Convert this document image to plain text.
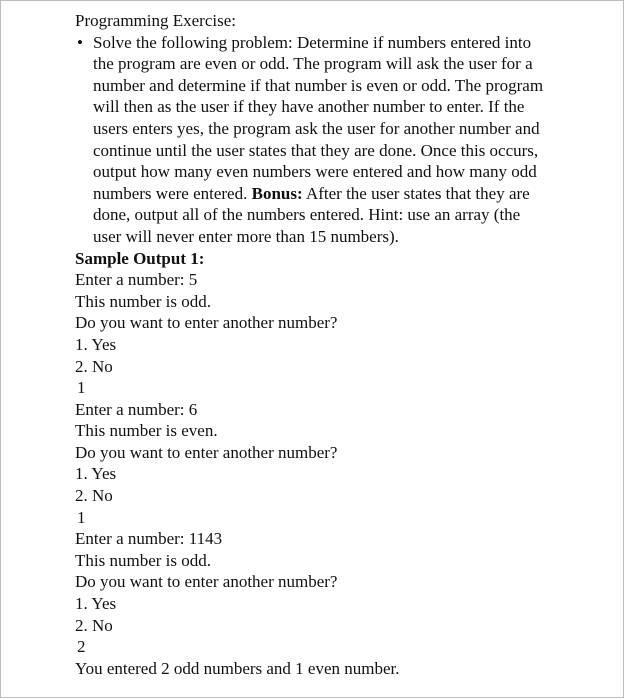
Programming Exercise:
• Solve the following problem: Determine if numbers entered into
the program are even or odd. The program will ask the user for a
number and determine if that number is even or odd. The program
will then as the user if they have another number to enter. If the
users enters yes, the program ask the user for another number and
continue until the user states that they are done. Once this occurs,
output how many even numbers were entered and how many odd
numbers were entered. Bonus: After the user states that they are
done, output all of the numbers entered. Hint: use an array (the
user will never enter more than 15 numbers).
Sample Output 1:
Enter a number: 5
This number is odd.
Do you want to enter another number?
1. Yes
2. No
1
Enter a number: 6
This number is even.
Do you want to enter another number?
1. Yes
2. No
1
Enter a number: 1143
This number is odd.
Do you want to enter another number?
1. Yes
2. No
2
You entered 2 odd numbers and 1 even number.
